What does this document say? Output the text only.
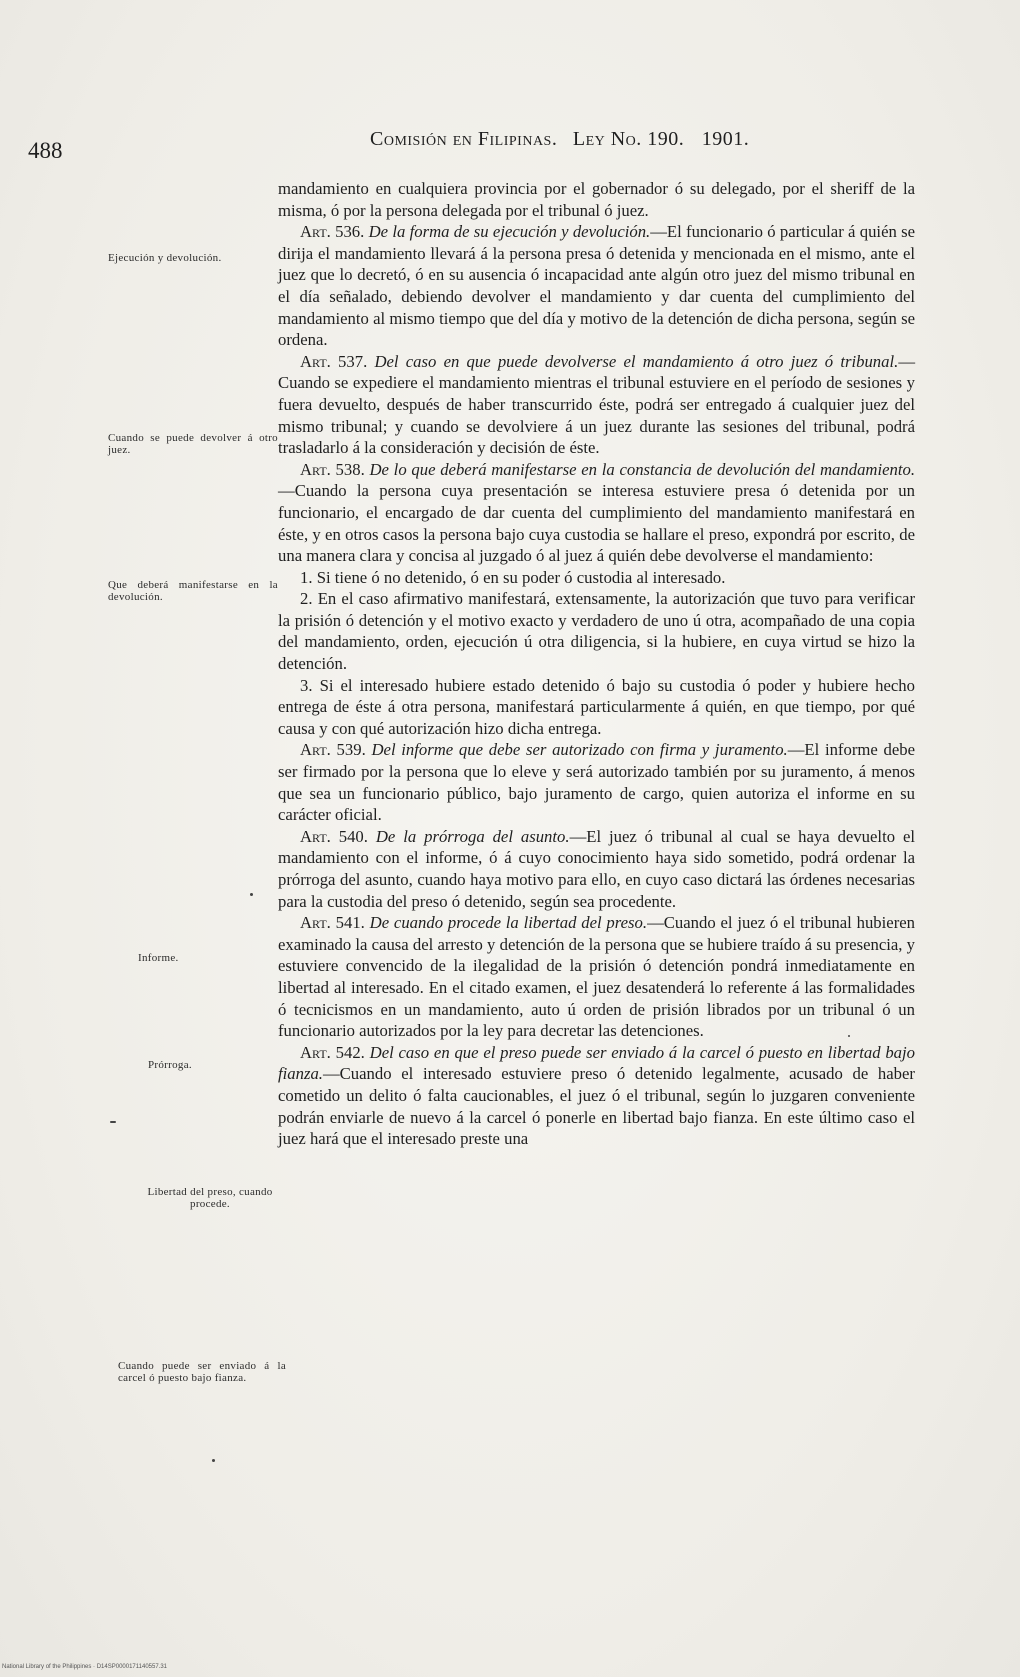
488	Comisión en Filipinas. Ley No. 190. 1901.
Ejecución y devolución.
Cuando se puede devolver á otro juez.
Que deberá manifestarse en la devolución.
Informe.
Prórroga.
Libertad del preso, cuando procede.
Cuando puede ser enviado á la carcel ó puesto bajo fianza.

mandamiento en cualquiera provincia por el gobernador ó su delegado, por el sheriff de la misma, ó por la persona delegada por el tribunal ó juez.

Art. 536. De la forma de su ejecución y devolución.—El funcionario ó particular á quién se dirija el mandamiento llevará á la persona presa ó detenida y mencionada en el mismo, ante el juez que lo decretó, ó en su ausencia ó incapacidad ante algún otro juez del mismo tribunal en el día señalado, debiendo devolver el mandamiento y dar cuenta del cumplimiento del mandamiento al mismo tiempo que del día y motivo de la detención de dicha persona, según se ordena.

Art. 537. Del caso en que puede devolverse el mandamiento á otro juez ó tribunal.—Cuando se expediere el mandamiento mientras el tribunal estuviere en el período de sesiones y fuera devuelto, después de haber transcurrido éste, podrá ser entregado á cualquier juez del mismo tribunal; y cuando se devolviere á un juez durante las sesiones del tribunal, podrá trasladarlo á la consideración y decisión de éste.

Art. 538. De lo que deberá manifestarse en la constancia de devolución del mandamiento.—Cuando la persona cuya presentación se interesa estuviere presa ó detenida por un funcionario, el encargado de dar cuenta del cumplimiento del mandamiento manifestará en éste, y en otros casos la persona bajo cuya custodia se hallare el preso, expondrá por escrito, de una manera clara y concisa al juzgado ó al juez á quién debe devolverse el mandamiento:

1. Si tiene ó no detenido, ó en su poder ó custodia al interesado.

2. En el caso afirmativo manifestará, extensamente, la autorización que tuvo para verificar la prisión ó detención y el motivo exacto y verdadero de uno ú otra, acompañado de una copia del mandamiento, orden, ejecución ú otra diligencia, si la hubiere, en cuya virtud se hizo la detención.

3. Si el interesado hubiere estado detenido ó bajo su custodia ó poder y hubiere hecho entrega de éste á otra persona, manifestará particularmente á quién, en que tiempo, por qué causa y con qué autorización hizo dicha entrega.

Art. 539. Del informe que debe ser autorizado con firma y juramento.—El informe debe ser firmado por la persona que lo eleve y será autorizado también por su juramento, á menos que sea un funcionario público, bajo juramento de cargo, quien autoriza el informe en su carácter oficial.

Art. 540. De la prórroga del asunto.—El juez ó tribunal al cual se haya devuelto el mandamiento con el informe, ó á cuyo conocimiento haya sido sometido, podrá ordenar la prórroga del asunto, cuando haya motivo para ello, en cuyo caso dictará las órdenes necesarias para la custodia del preso ó detenido, según sea procedente.

Art. 541. De cuando procede la libertad del preso.—Cuando el juez ó el tribunal hubieren examinado la causa del arresto y detención de la persona que se hubiere traído á su presencia, y estuviere convencido de la ilegalidad de la prisión ó detención pondrá inmediatamente en libertad al interesado. En el citado examen, el juez desatenderá lo referente á las formalidades ó tecnicismos en un mandamiento, auto ú orden de prisión librados por un tribunal ó un funcionario autorizados por la ley para decretar las detenciones.

Art. 542. Del caso en que el preso puede ser enviado á la carcel ó puesto en libertad bajo fianza.—Cuando el interesado estuviere preso ó detenido legalmente, acusado de haber cometido un delito ó falta caucionables, el juez ó el tribunal, según lo juzgaren conveniente podrán enviarle de nuevo á la carcel ó ponerle en libertad bajo fianza. En este último caso el juez hará que el interesado preste una

National Library of the Philippines · D14SP0000171140557.31
